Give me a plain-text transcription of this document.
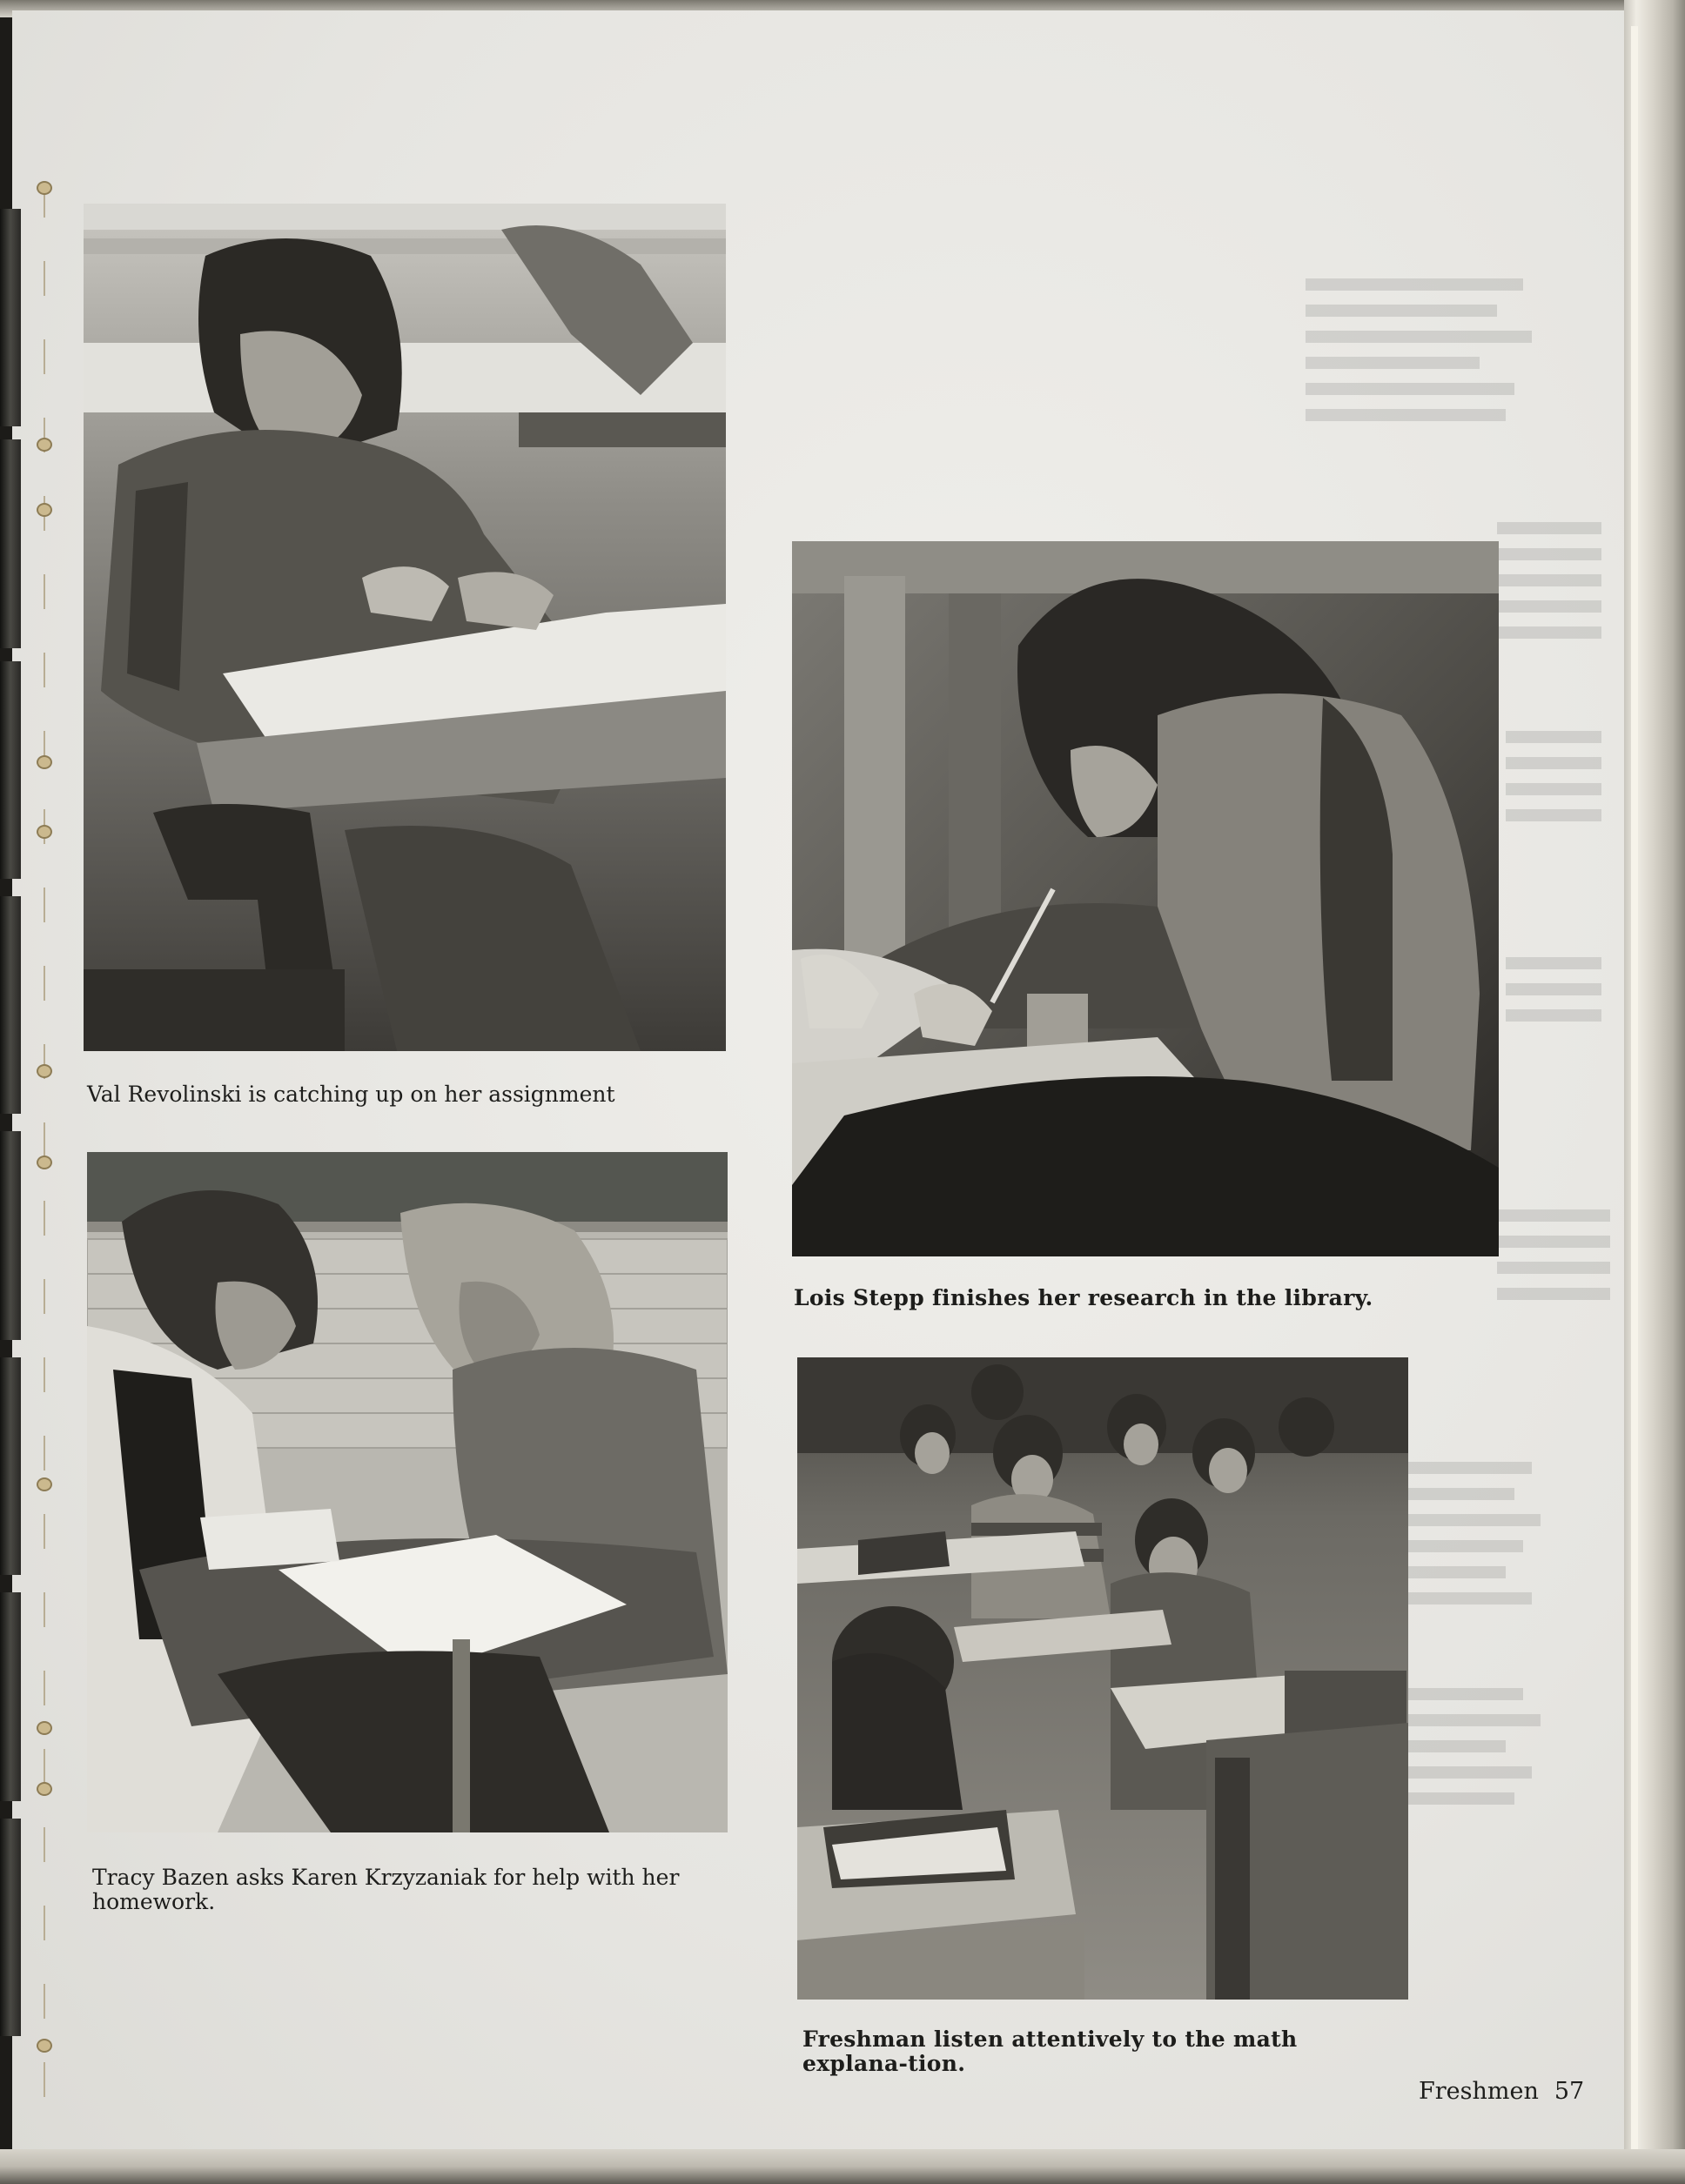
Val Revolinski is catching up on her assignment

Lois Stepp finishes her research in the library.

Tracy Bazen asks Karen Krzyzaniak for help with her homework.

Freshman listen attentively to the math explana-tion.

Freshmen 57
